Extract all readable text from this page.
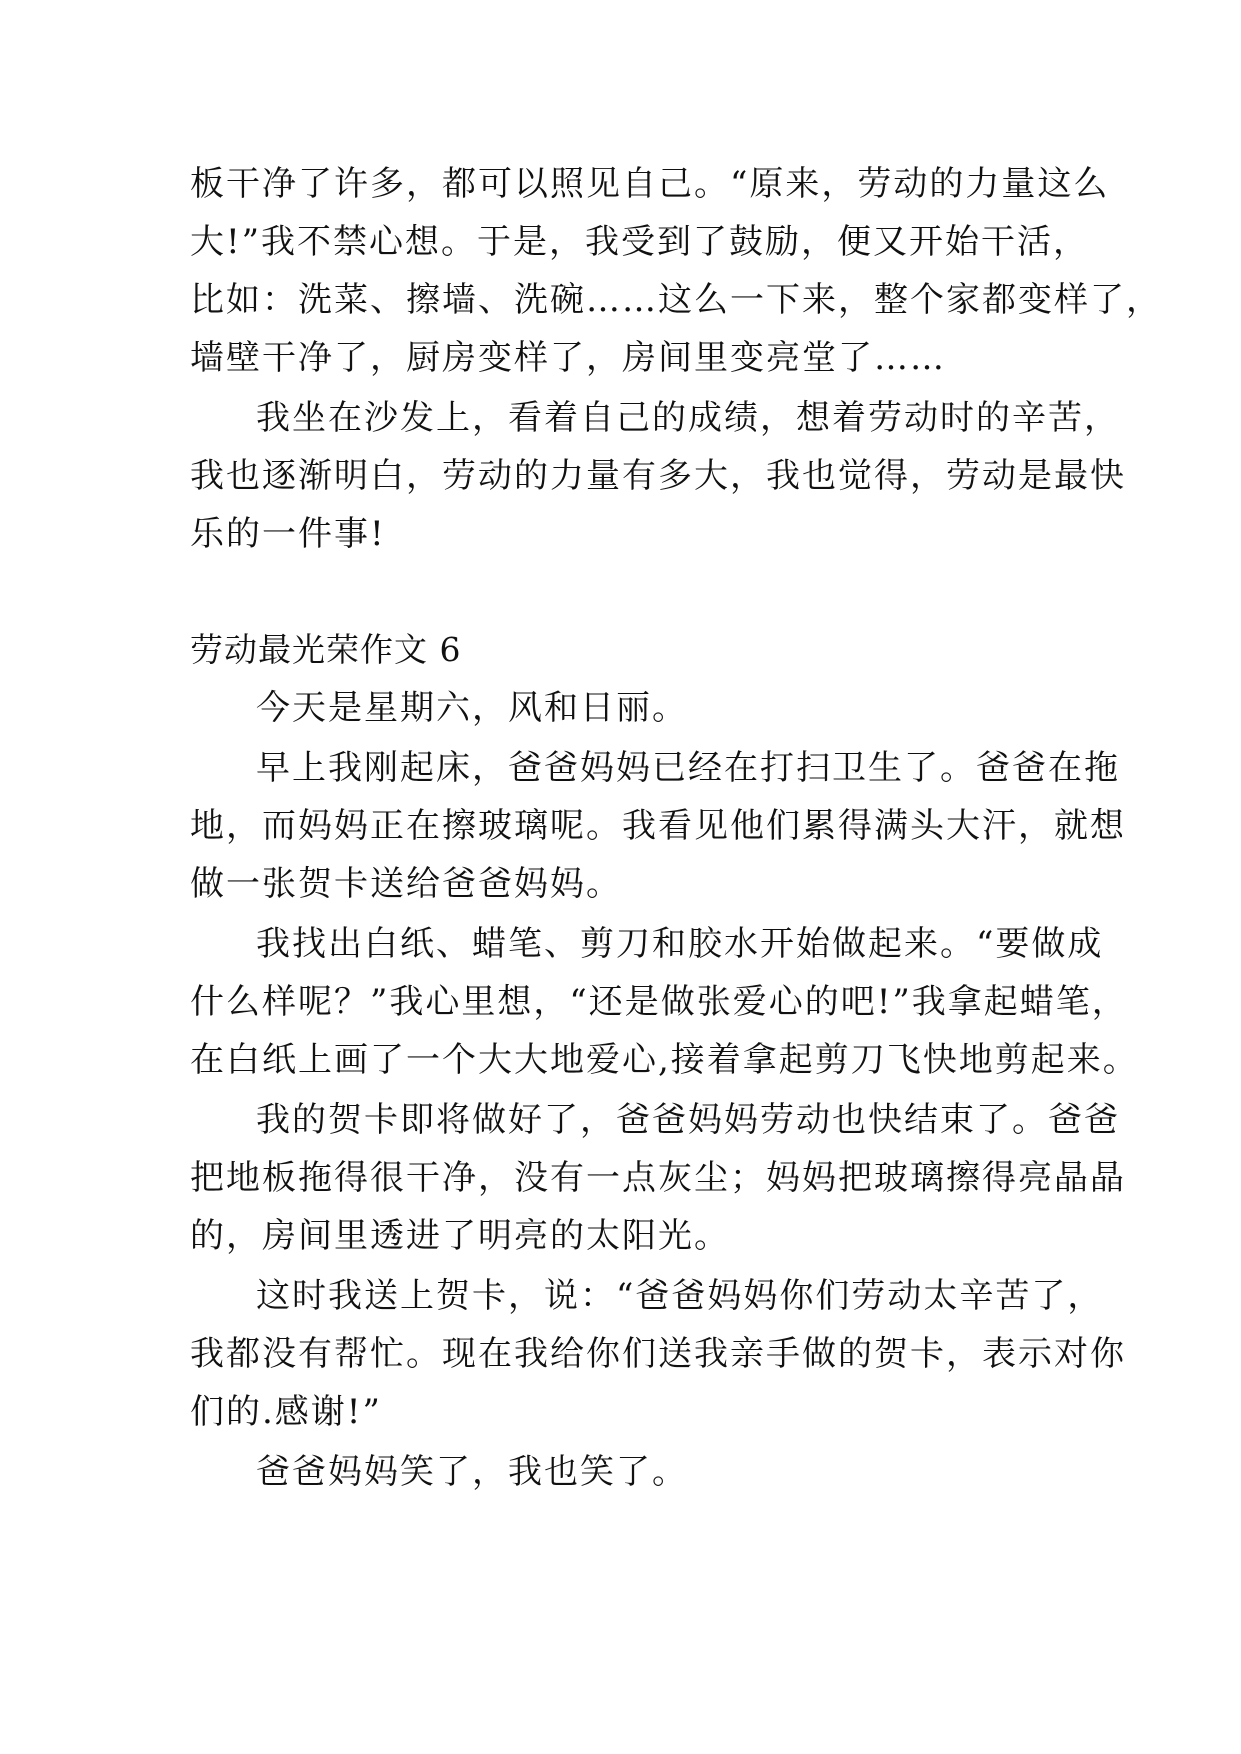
板干净了许多，都可以照见自己。“原来，劳动的力量这么
大!”我不禁心想。于是，我受到了鼓励，便又开始干活，
比如：洗菜、擦墙、洗碗……这么一下来，整个家都变样了，
墙壁干净了，厨房变样了，房间里变亮堂了……
我坐在沙发上，看着自己的成绩，想着劳动时的辛苦，
我也逐渐明白，劳动的力量有多大，我也觉得，劳动是最快
乐的一件事!
劳动最光荣作文 6
今天是星期六，风和日丽。
早上我刚起床，爸爸妈妈已经在打扫卫生了。爸爸在拖
地，而妈妈正在擦玻璃呢。我看见他们累得满头大汗，就想
做一张贺卡送给爸爸妈妈。
我找出白纸、蜡笔、剪刀和胶水开始做起来。“要做成
什么样呢？”我心里想，“还是做张爱心的吧!”我拿起蜡笔，
在白纸上画了一个大大地爱心,接着拿起剪刀飞快地剪起来。
我的贺卡即将做好了，爸爸妈妈劳动也快结束了。爸爸
把地板拖得很干净，没有一点灰尘；妈妈把玻璃擦得亮晶晶
的，房间里透进了明亮的太阳光。
这时我送上贺卡，说：“爸爸妈妈你们劳动太辛苦了，
我都没有帮忙。现在我给你们送我亲手做的贺卡，表示对你
们的.感谢!”
爸爸妈妈笑了，我也笑了。
